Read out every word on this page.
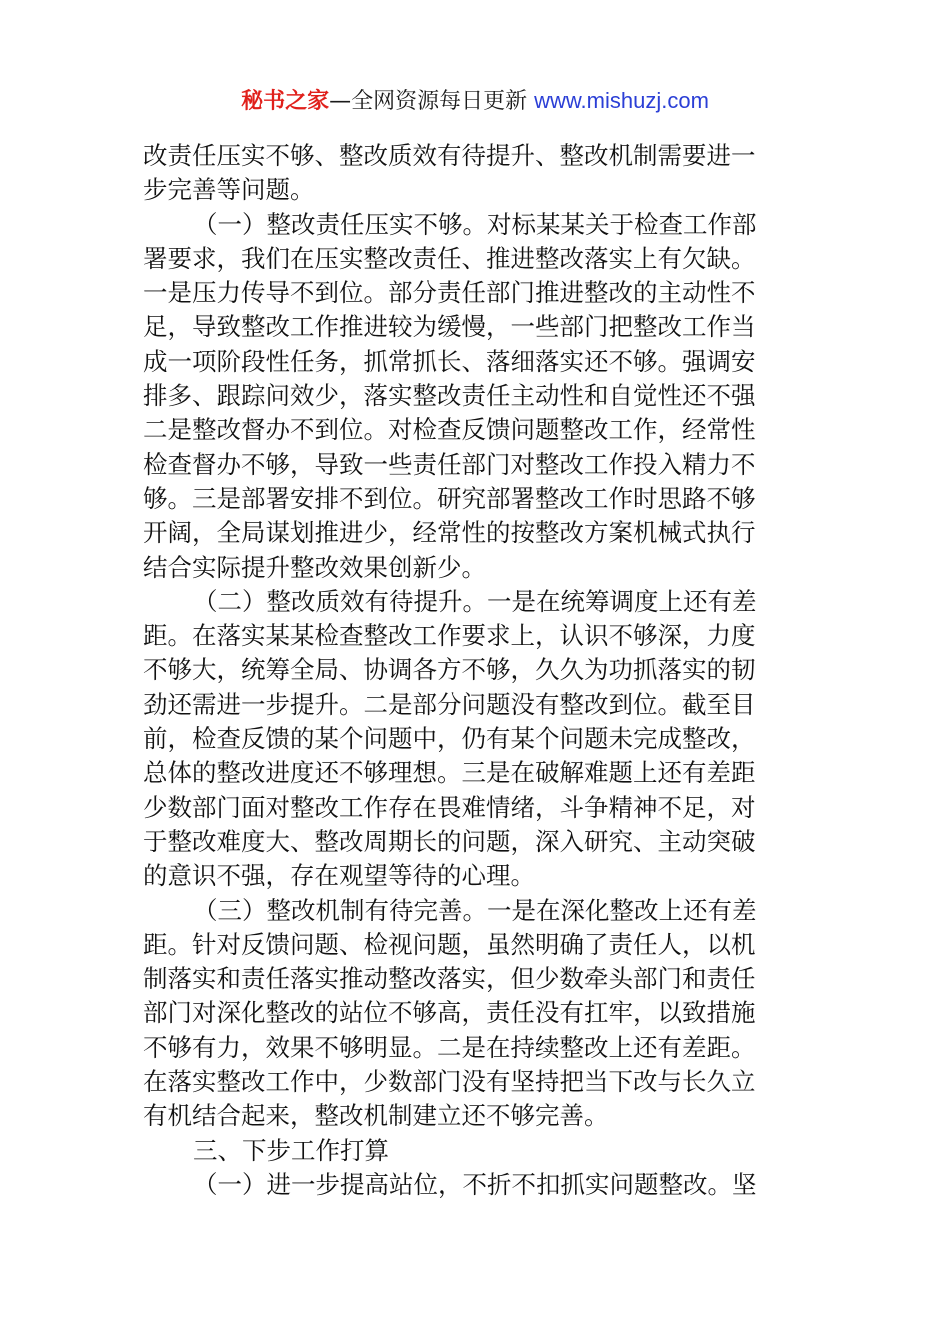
秘书之家—全网资源每日更新 www.mishuzj.com
改责任压实不够、整改质效有待提升、整改机制需要进一
步完善等问题。
（一）整改责任压实不够。对标某某关于检查工作部
署要求，我们在压实整改责任、推进整改落实上有欠缺。
一是压力传导不到位。部分责任部门推进整改的主动性不
足，导致整改工作推进较为缓慢，一些部门把整改工作当
成一项阶段性任务，抓常抓长、落细落实还不够。强调安
排多、跟踪问效少，落实整改责任主动性和自觉性还不强
二是整改督办不到位。对检查反馈问题整改工作，经常性
检查督办不够，导致一些责任部门对整改工作投入精力不
够。三是部署安排不到位。研究部署整改工作时思路不够
开阔，全局谋划推进少，经常性的按整改方案机械式执行
结合实际提升整改效果创新少。
（二）整改质效有待提升。一是在统筹调度上还有差
距。在落实某某检查整改工作要求上，认识不够深，力度
不够大，统筹全局、协调各方不够，久久为功抓落实的韧
劲还需进一步提升。二是部分问题没有整改到位。截至目
前，检查反馈的某个问题中，仍有某个问题未完成整改，
总体的整改进度还不够理想。三是在破解难题上还有差距
少数部门面对整改工作存在畏难情绪，斗争精神不足，对
于整改难度大、整改周期长的问题，深入研究、主动突破
的意识不强，存在观望等待的心理。
（三）整改机制有待完善。一是在深化整改上还有差
距。针对反馈问题、检视问题，虽然明确了责任人，以机
制落实和责任落实推动整改落实，但少数牵头部门和责任
部门对深化整改的站位不够高，责任没有扛牢，以致措施
不够有力，效果不够明显。二是在持续整改上还有差距。
在落实整改工作中，少数部门没有坚持把当下改与长久立
有机结合起来，整改机制建立还不够完善。
三、下步工作打算
（一）进一步提高站位，不折不扣抓实问题整改。坚
